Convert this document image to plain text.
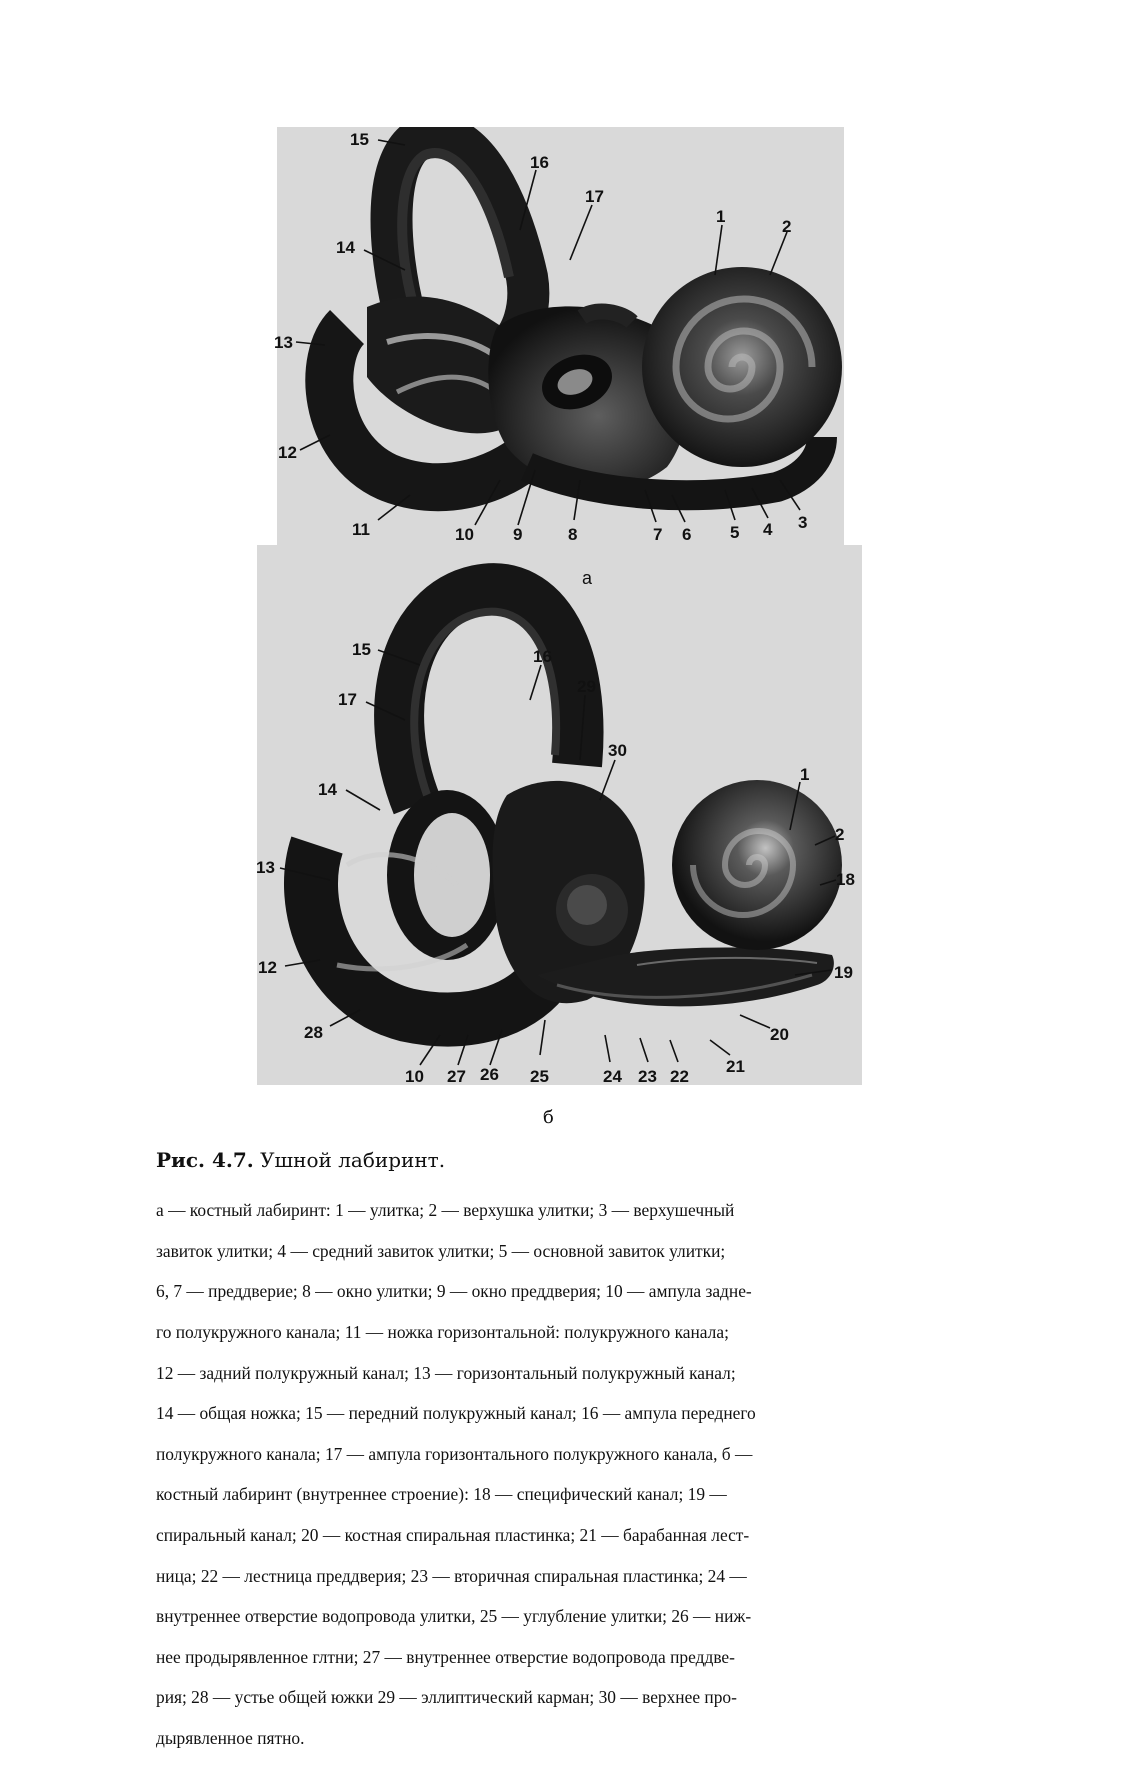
15
16
17
1
2
14
13
12
11	10 9	8	7 6 5 4 3
15	16
29
17
30
14
1
2
13
18
12	19
28	20
10 27 26 25	24 23 22
21
а
б
Рис. 4.7. Ушной лабиринт.

а — костный лабиринт: 1 — улитка; 2 — верхушка улитки; 3 — верхушечный

завиток улитки; 4 — средний завиток улитки; 5 — основной завиток улитки;

6, 7 — преддверие; 8 — окно улитки; 9 — окно преддверия; 10 — ампула задне-

го полукружного канала; 11 — ножка горизонтальной: полукружного канала;

12 — задний полукружный канал; 13 — горизонтальный полукружный канал;

14 — общая ножка; 15 — передний полукружный канал; 16 — ампула переднего

полукружного канала; 17 — ампула горизонтального полукружного канала, б —

костный лабиринт (внутреннее строение): 18 — специфический канал; 19 —

спиральный канал; 20 — костная спиральная пластинка; 21 — барабанная лест-

ница; 22 — лестница преддверия; 23 — вторичная спиральная пластинка; 24 —

внутреннее отверстие водопровода улитки, 25 — углубление улитки; 26 — ниж-

нее продырявленное глтни; 27 — внутреннее отверстие водопровода преддве-

рия; 28 — устье общей южки 29 — эллиптический карман; 30 — верхнее про-

дырявленное пятно.
